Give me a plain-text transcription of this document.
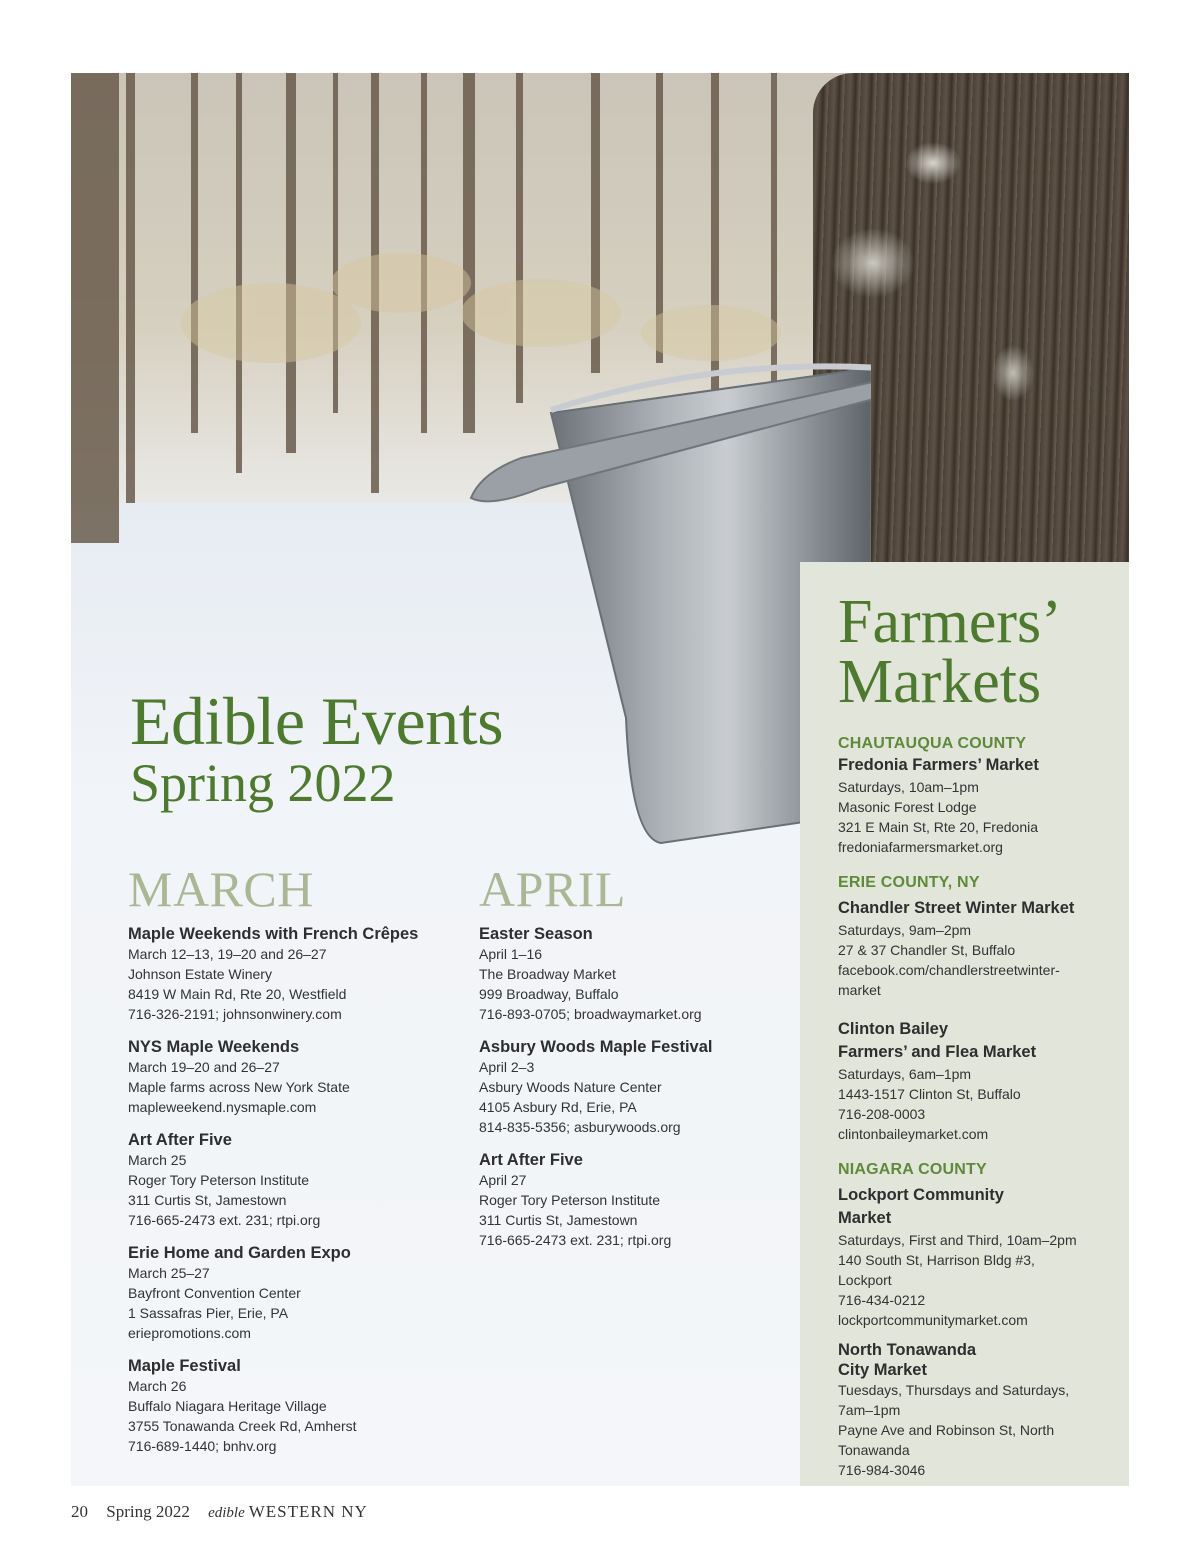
Edible Events
Spring 2022
MARCH	APRIL
Maple Weekends with French Crêpes
March 12–13, 19–20 and 26–27
Johnson Estate Winery
8419 W Main Rd, Rte 20, Westfield
716-326-2191; johnsonwinery.com
NYS Maple Weekends
March 19–20 and 26–27
Maple farms across New York State
mapleweekend.nysmaple.com
Art After Five
March 25
Roger Tory Peterson Institute
311 Curtis St, Jamestown
716-665-2473 ext. 231; rtpi.org
Erie Home and Garden Expo
March 25–27
Bayfront Convention Center
1 Sassafras Pier, Erie, PA
eriepromotions.com
Maple Festival
March 26
Buffalo Niagara Heritage Village
3755 Tonawanda Creek Rd, Amherst
716-689-1440; bnhv.org
Easter Season
April 1–16
The Broadway Market
999 Broadway, Buffalo
716-893-0705; broadwaymarket.org
Asbury Woods Maple Festival
April 2–3
Asbury Woods Nature Center
4105 Asbury Rd, Erie, PA
814-835-5356; asburywoods.org
Art After Five
April 27
Roger Tory Peterson Institute
311 Curtis St, Jamestown
716-665-2473 ext. 231; rtpi.org
Farmers’
Markets
CHAUTAUQUA COUNTY
Fredonia Farmers’ Market
Saturdays, 10am–1pm
Masonic Forest Lodge
321 E Main St, Rte 20, Fredonia
fredoniafarmersmarket.org
ERIE COUNTY, NY
Chandler Street Winter Market
Saturdays, 9am–2pm
27 & 37 Chandler St, Buffalo
facebook.com/chandlerstreetwinter-
market
Clinton Bailey
Farmers’ and Flea Market
Saturdays, 6am–1pm
1443-1517 Clinton St, Buffalo
716-208-0003
clintonbaileymarket.com
NIAGARA COUNTY
Lockport Community
Market
Saturdays, First and Third, 10am–2pm
140 South St, Harrison Bldg #3,
Lockport
716-434-0212
lockportcommunitymarket.com
North Tonawanda
City Market
Tuesdays, Thursdays and Saturdays,
7am–1pm
Payne Ave and Robinson St, North
Tonawanda
716-984-3046
20 Spring 2022 edible WESTERN NY
